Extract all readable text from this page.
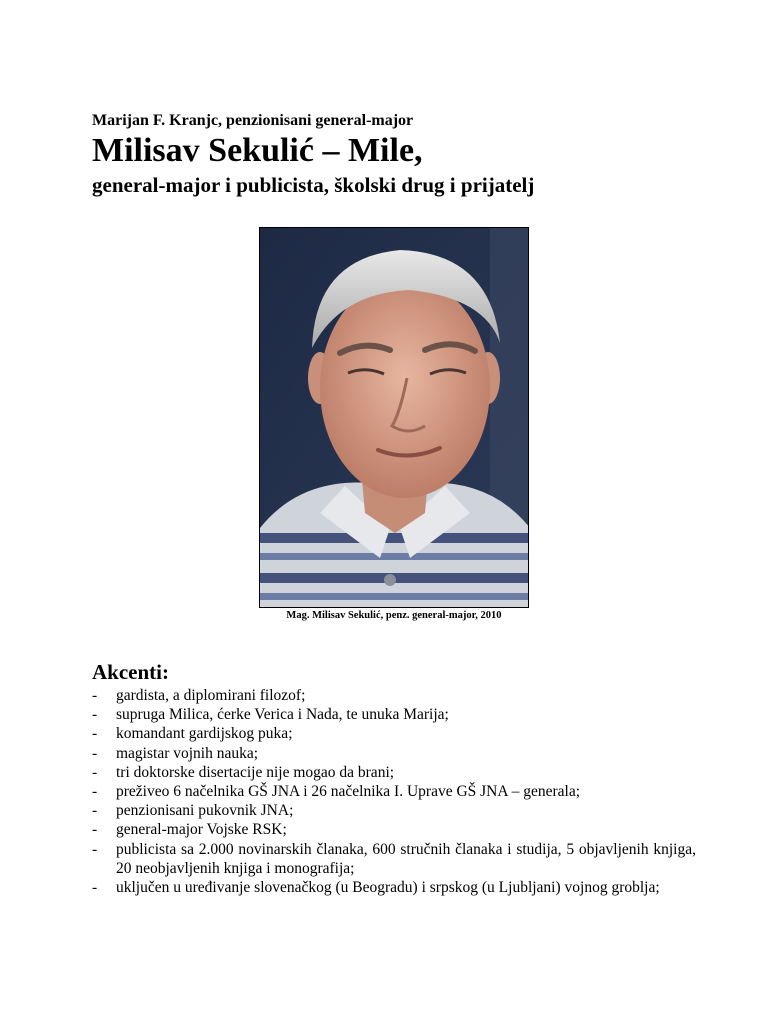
Marijan F. Kranjc, penzionisani general-major
Milisav Sekulić – Mile,
general-major i publicista, školski drug i prijatelj
Mag. Milisav Sekulić, penz. general-major, 2010
Akcenti:
- gardista, a diplomirani filozof;
- supruga Milica, ćerke Verica i Nada, te unuka Marija;
- komandant gardijskog puka;
- magistar vojnih nauka;
- tri doktorske disertacije nije mogao da brani;
- preživeo 6 načelnika GŠ JNA i 26 načelnika I. Uprave GŠ JNA – generala;
- penzionisani pukovnik JNA;
- general-major Vojske RSK;
- publicista sa 2.000 novinarskih članaka, 600 stručnih članaka i studija, 5 objavljenih knjiga, 20 neobjavljenih knjiga i monografija;
- uključen u uređivanje slovenačkog (u Beogradu) i srpskog (u Ljubljani) vojnog groblja;
